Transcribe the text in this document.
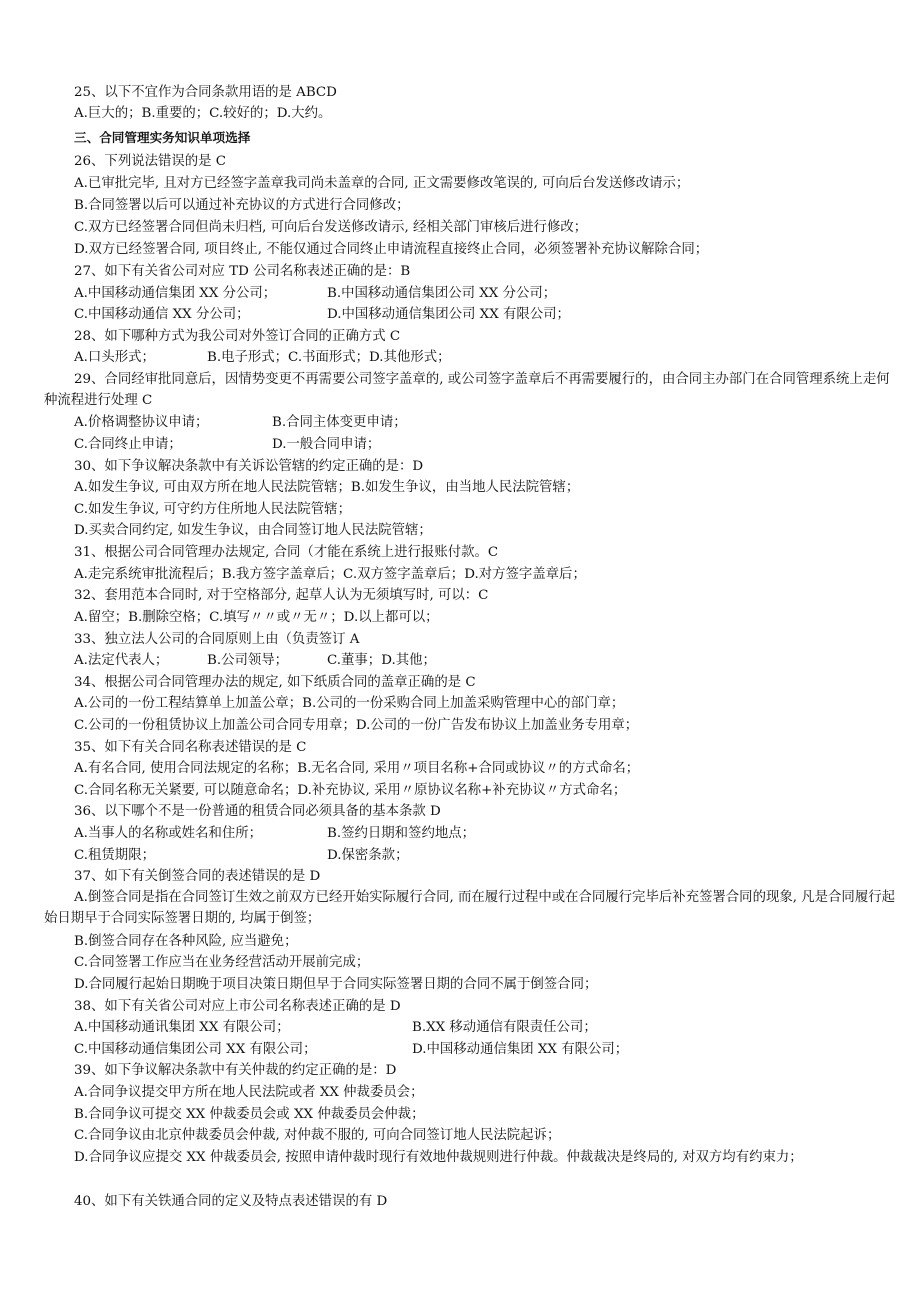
25、以下不宜作为合同条款用语的是 ABCD
A.巨大的；B.重要的；C.较好的；D.大约。
三、合同管理实务知识单项选择
26、下列说法错误的是 C
A.已审批完毕, 且对方已经签字盖章我司尚未盖章的合同, 正文需要修改笔误的, 可向后台发送修改请示；
B.合同签署以后可以通过补充协议的方式进行合同修改；
C.双方已经签署合同但尚未归档, 可向后台发送修改请示, 经相关部门审核后进行修改；
D.双方已经签署合同, 项目终止, 不能仅通过合同终止申请流程直接终止合同，必须签署补充协议解除合同；
27、如下有关省公司对应 TD 公司名称表述正确的是：B
A.中国移动通信集团 XX 分公司；	B.中国移动通信集团公司 XX 分公司；
C.中国移动通信 XX 分公司；	D.中国移动通信集团公司 XX 有限公司；
28、如下哪种方式为我公司对外签订合同的正确方式 C
A.口头形式；	B.电子形式；C.书面形式；D.其他形式；
29、合同经审批同意后，因情势变更不再需要公司签字盖章的, 或公司签字盖章后不再需要履行的，由合同主办部门在合同管理系统上走何种流程进行处理 C
A.价格调整协议申请；	B.合同主体变更申请；
C.合同终止申请；	D.一般合同申请；
30、如下争议解决条款中有关诉讼管辖的约定正确的是：D
A.如发生争议, 可由双方所在地人民法院管辖；B.如发生争议，由当地人民法院管辖；
C.如发生争议, 可守约方住所地人民法院管辖；
D.买卖合同约定, 如发生争议，由合同签订地人民法院管辖；
31、根据公司合同管理办法规定, 合同（才能在系统上进行报账付款。C
A.走完系统审批流程后；B.我方签字盖章后；C.双方签字盖章后；D.对方签字盖章后；
32、套用范本合同时, 对于空格部分, 起草人认为无须填写时, 可以：C
A.留空；B.删除空格；C.填写〃〃或〃无〃；D.以上都可以；
33、独立法人公司的合同原则上由（负责签订 A
A.法定代表人；	B.公司领导；	C.董事；D.其他；
34、根据公司合同管理办法的规定, 如下纸质合同的盖章正确的是 C
A.公司的一份工程结算单上加盖公章；B.公司的一份采购合同上加盖采购管理中心的部门章；
C.公司的一份租赁协议上加盖公司合同专用章；D.公司的一份广告发布协议上加盖业务专用章；
35、如下有关合同名称表述错误的是 C
A.有名合同, 使用合同法规定的名称；B.无名合同, 采用〃项目名称+合同或协议〃的方式命名；
C.合同名称无关紧要, 可以随意命名；D.补充协议, 采用〃原协议名称+补充协议〃方式命名；
36、以下哪个不是一份普通的租赁合同必须具备的基本条款 D
A.当事人的名称或姓名和住所；	B.签约日期和签约地点；
C.租赁期限；	D.保密条款；
37、如下有关倒签合同的表述错误的是 D
A.倒签合同是指在合同签订生效之前双方已经开始实际履行合同, 而在履行过程中或在合同履行完毕后补充签署合同的现象, 凡是合同履行起始日期早于合同实际签署日期的, 均属于倒签；
B.倒签合同存在各种风险, 应当避免；
C.合同签署工作应当在业务经营活动开展前完成；
D.合同履行起始日期晚于项目决策日期但早于合同实际签署日期的合同不属于倒签合同；
38、如下有关省公司对应上市公司名称表述正确的是 D
A.中国移动通讯集团 XX 有限公司；	B.XX 移动通信有限责任公司；
C.中国移动通信集团公司 XX 有限公司；	D.中国移动通信集团 XX 有限公司；
39、如下争议解决条款中有关仲裁的约定正确的是：D
A.合同争议提交甲方所在地人民法院或者 XX 仲裁委员会；
B.合同争议可提交 XX 仲裁委员会或 XX 仲裁委员会仲裁；
C.合同争议由北京仲裁委员会仲裁, 对仲裁不服的, 可向合同签订地人民法院起诉；
D.合同争议应提交 XX 仲裁委员会, 按照申请仲裁时现行有效地仲裁规则进行仲裁。仲裁裁决是终局的, 对双方均有约束力；
40、如下有关铁通合同的定义及特点表述错误的有 D
